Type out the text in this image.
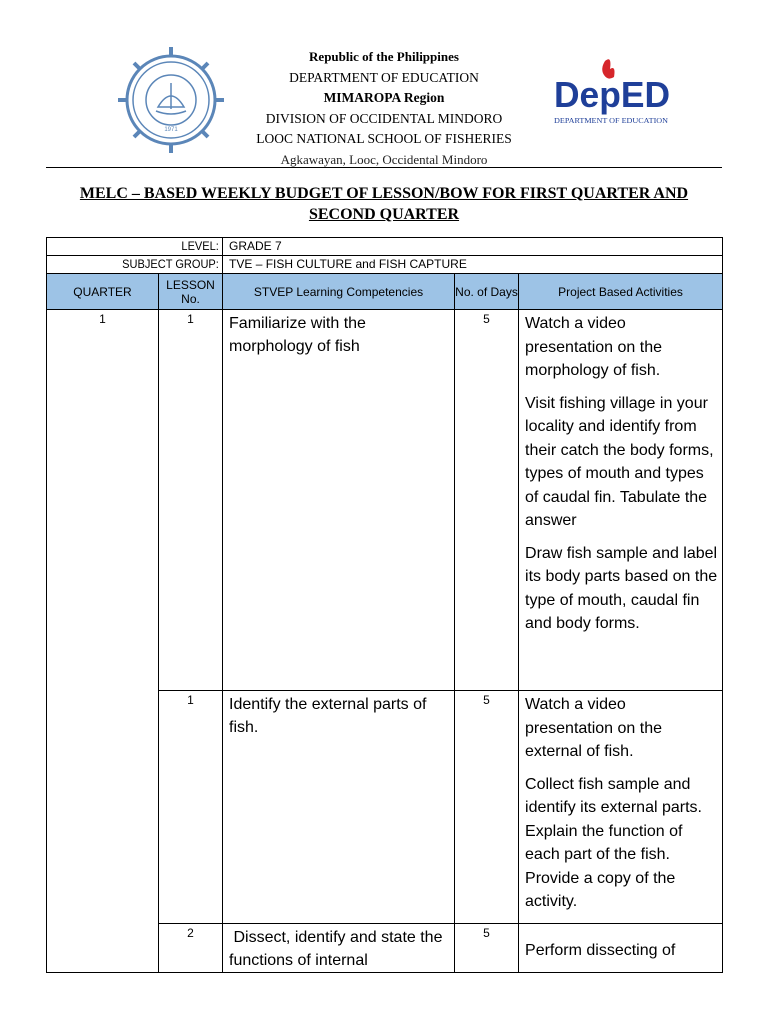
1971
DepED
DEPARTMENT OF EDUCATION
Republic of the Philippines
DEPARTMENT OF EDUCATION
MIMAROPA Region
DIVISION OF OCCIDENTAL MINDORO
LOOC NATIONAL SCHOOL OF FISHERIES
Agkawayan, Looc, Occidental Mindoro
MELC – BASED WEEKLY BUDGET OF LESSON/BOW FOR FIRST QUARTER AND
SECOND QUARTER
LEVEL:		GRADE 7		
SUBJECT GROUP:		TVE – FISH CULTURE and FISH CAPTURE		
QUARTER	LESSON No.	STVEP Learning Competencies	No. of Days	Project Based Activities
1	1	Familiarize with the morphology of fish	5	Watch a video presentation on the morphology of fish.

Visit fishing village in your locality and identify from their catch the body forms, types of mouth and types of caudal fin. Tabulate the answer

Draw fish sample and label its body parts based on the type of mouth, caudal fin and body forms.

	1	Identify the external parts of fish.	5	Watch a video presentation on the external of fish.

Collect fish sample and identify its external parts. Explain the function of each part of the fish. Provide a copy of the activity.

	2	Dissect, identify and state the functions of internal	5	Perform dissecting of
